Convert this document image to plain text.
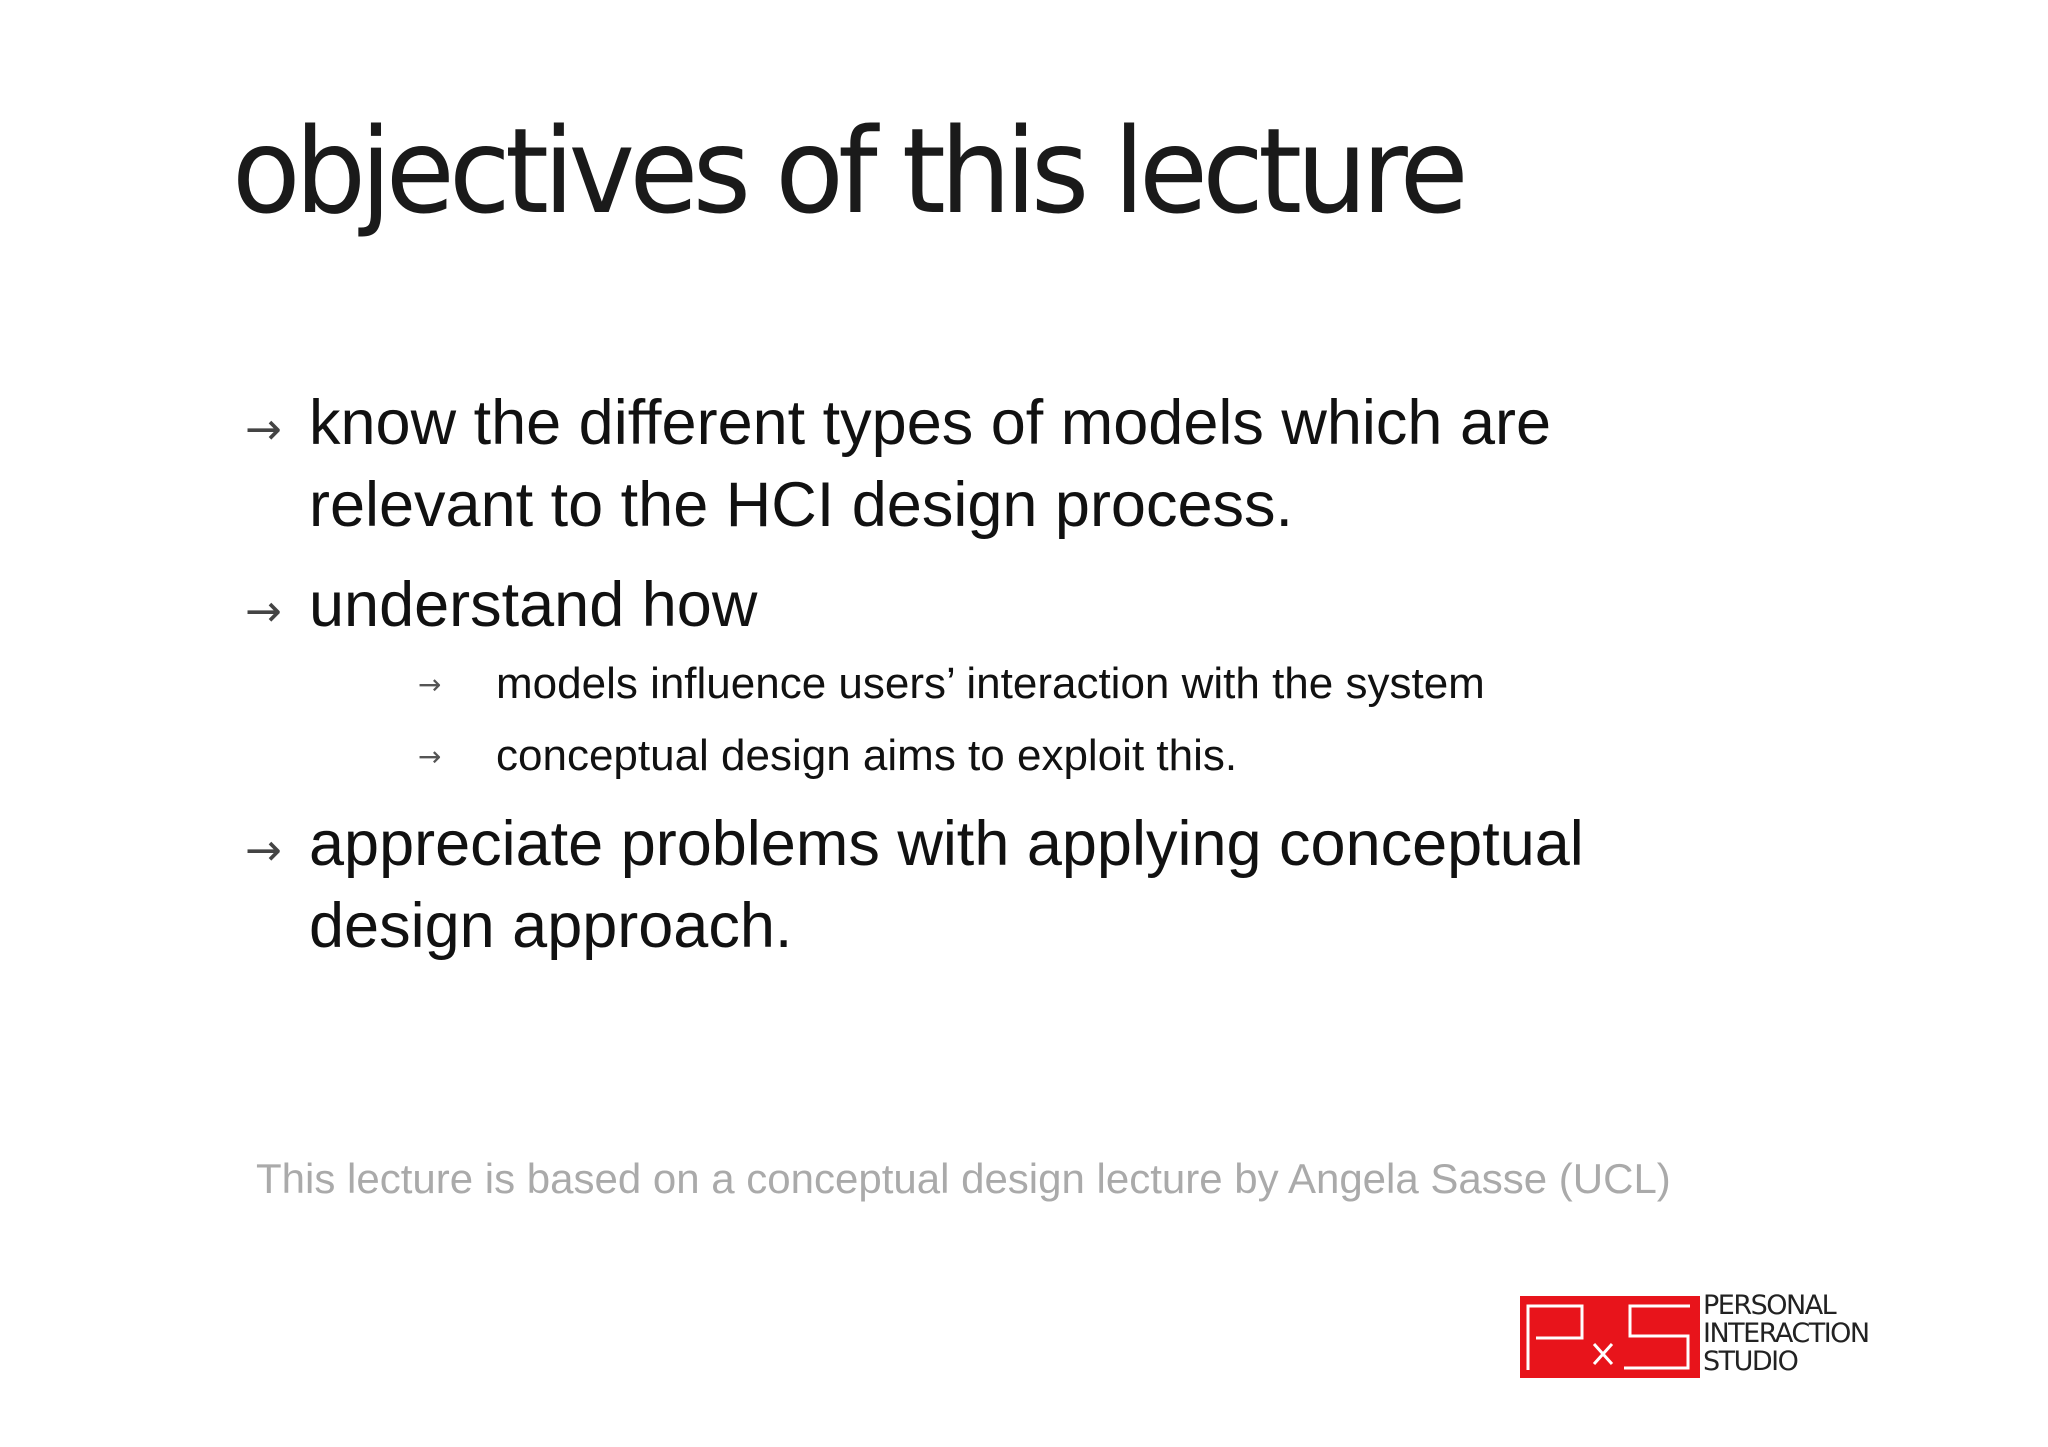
objectives of this lecture
→ know the different types of models which are
relevant to the HCI design process.
→ understand how
→ models influence users’ interaction with the system
→ conceptual design aims to exploit this.
→ appreciate problems with applying conceptual
design approach.
This lecture is based on a conceptual design lecture by Angela Sasse (UCL)
PERSONAL
INTERACTION
STUDIO
